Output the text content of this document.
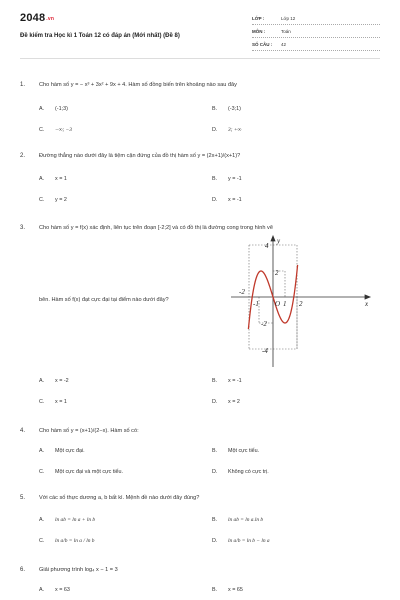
2048.vn
Đề kiểm tra Học kì 1 Toán 12 có đáp án (Mới nhất) (Đề 8)
LỚP :	Lớp 12
MÔN :	Toán
SỐ CÂU : 42
1. Cho hàm số y = − x³ + 3x² + 9x + 4. Hàm số đồng biến trên khoảng nào sau đây
A. (-1;3)	B. (-3;1)
C. −∞; −3	D. 3; +∞
2. Đường thẳng nào dưới đây là tiệm cận đứng của đồ thị hàm số y = (2x+1)/(x+1)?
A. x = 1	B. y = -1
C. y = 2	D. x = -1
3. Cho hàm số y = f(x) xác định, liên tục trên đoạn [-2;2] và có đồ thị là đường cong trong hình vẽ
bên. Hàm số f(x) đạt cực đại tại điểm nào dưới đây?
A. x = -2	B. x = -1
C. x = 1	D. x = 2
y
x
O
-2
-1	1 2
4
2
-2
-4
4. Cho hàm số y = (x+1)/(2−x). Hàm số có:
A. Một cực đại.	B. Một cực tiểu.
C. Một cực đại và một cực tiểu.	D. Không có cực trị.
5. Với các số thực dương a, b bất kì. Mệnh đề nào dưới đây đúng?
A. ln ab = ln a + ln b	B. ln ab = ln a.ln b
C. ln a/b = ln a / ln b	D. ln a/b = ln b − ln a
6. Giải phương trình log₄ x − 1 = 3
A. x = 63	B. x = 65
